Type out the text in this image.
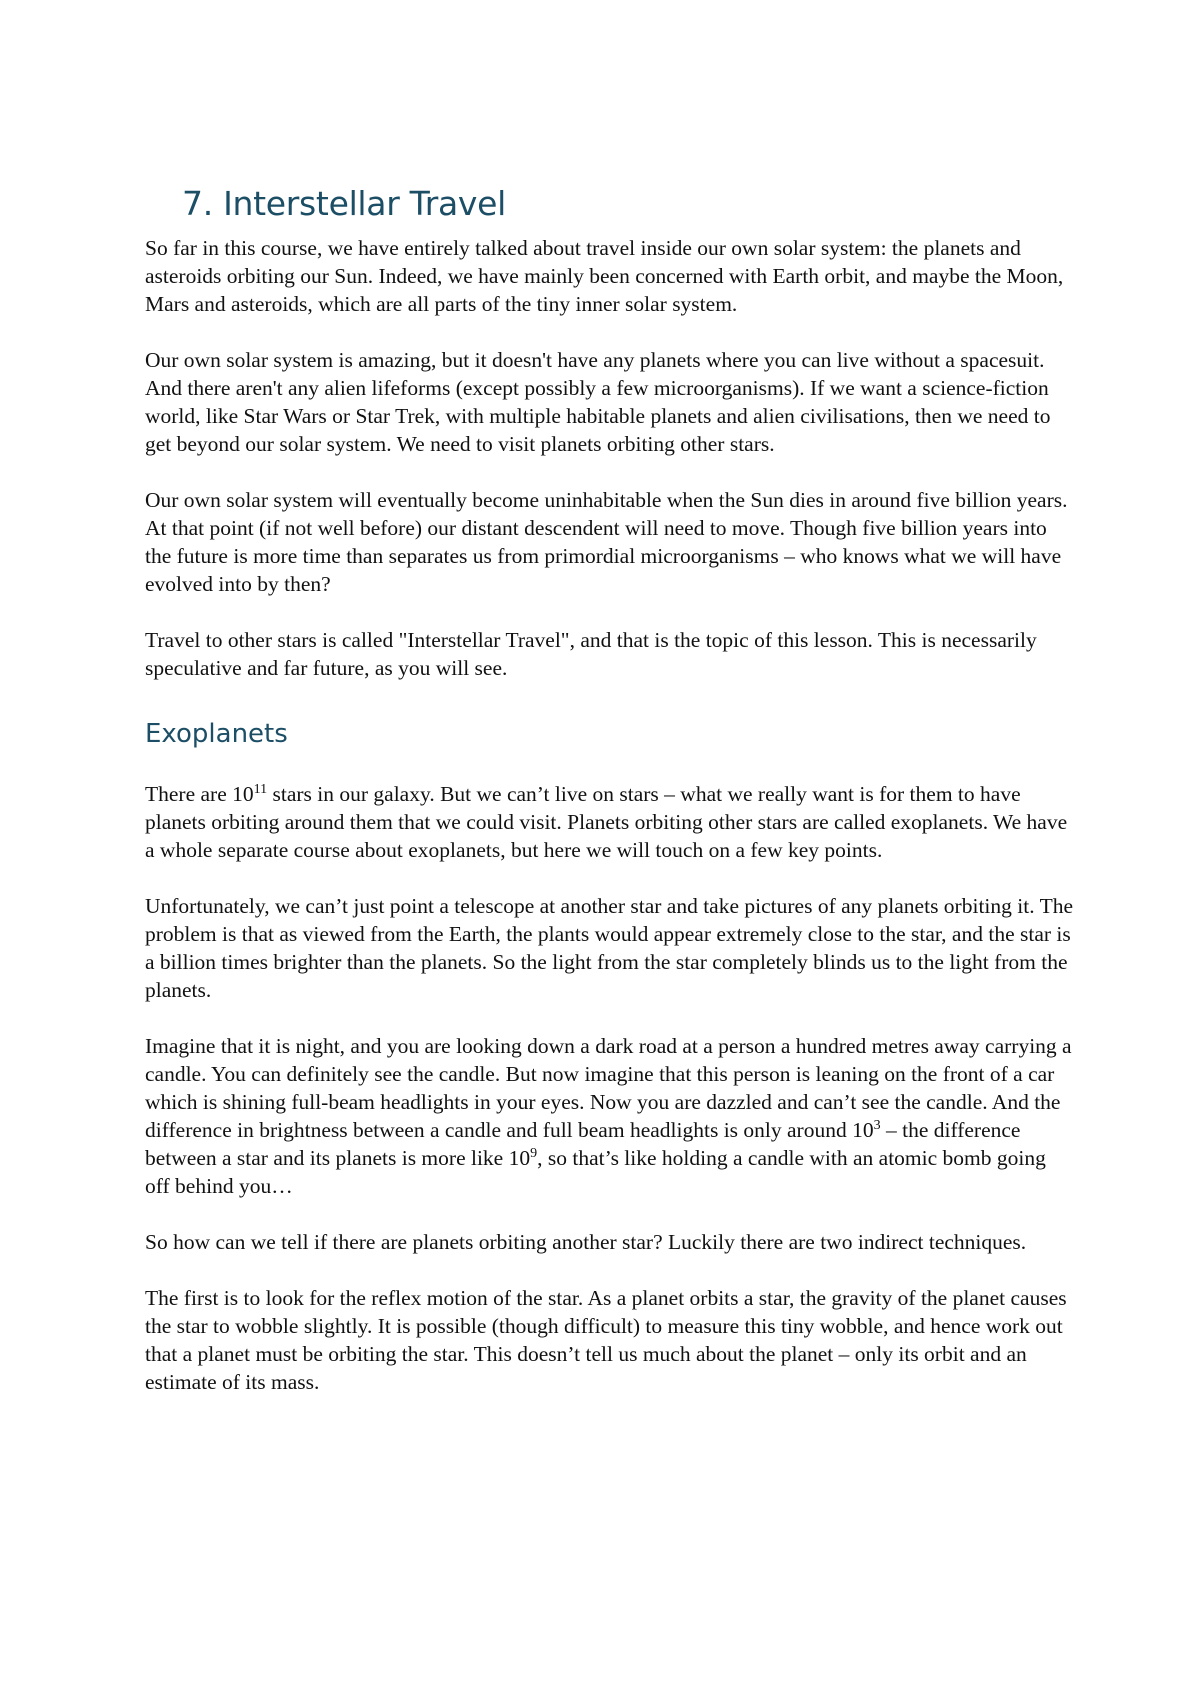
7. Interstellar Travel

So far in this course, we have entirely talked about travel inside our own solar system: the planets and asteroids orbiting our Sun. Indeed, we have mainly been concerned with Earth orbit, and maybe the Moon, Mars and asteroids, which are all parts of the tiny inner solar system.

Our own solar system is amazing, but it doesn't have any planets where you can live without a spacesuit. And there aren't any alien lifeforms (except possibly a few microorganisms). If we want a science-fiction world, like Star Wars or Star Trek, with multiple habitable planets and alien civilisations, then we need to get beyond our solar system. We need to visit planets orbiting other stars.

Our own solar system will eventually become uninhabitable when the Sun dies in around five billion years. At that point (if not well before) our distant descendent will need to move. Though five billion years into the future is more time than separates us from primordial microorganisms – who knows what we will have evolved into by then?

Travel to other stars is called "Interstellar Travel", and that is the topic of this lesson. This is necessarily speculative and far future, as you will see.

Exoplanets

There are $10^{11}$ stars in our galaxy. But we can’t live on stars – what we really want is for them to have planets orbiting around them that we could visit. Planets orbiting other stars are called exoplanets. We have a whole separate course about exoplanets, but here we will touch on a few key points.

Unfortunately, we can’t just point a telescope at another star and take pictures of any planets orbiting it. The problem is that as viewed from the Earth, the plants would appear extremely close to the star, and the star is a billion times brighter than the planets. So the light from the star completely blinds us to the light from the planets.

Imagine that it is night, and you are looking down a dark road at a person a hundred metres away carrying a candle. You can definitely see the candle. But now imagine that this person is leaning on the front of a car which is shining full-beam headlights in your eyes. Now you are dazzled and can’t see the candle. And the difference in brightness between a candle and full beam headlights is only around $10^3$ – the difference between a star and its planets is more like $10^9$, so that’s like holding a candle with an atomic bomb going off behind you…

So how can we tell if there are planets orbiting another star? Luckily there are two indirect techniques.

The first is to look for the reflex motion of the star. As a planet orbits a star, the gravity of the planet causes the star to wobble slightly. It is possible (though difficult) to measure this tiny wobble, and hence work out that a planet must be orbiting the star. This doesn’t tell us much about the planet – only its orbit and an estimate of its mass.
